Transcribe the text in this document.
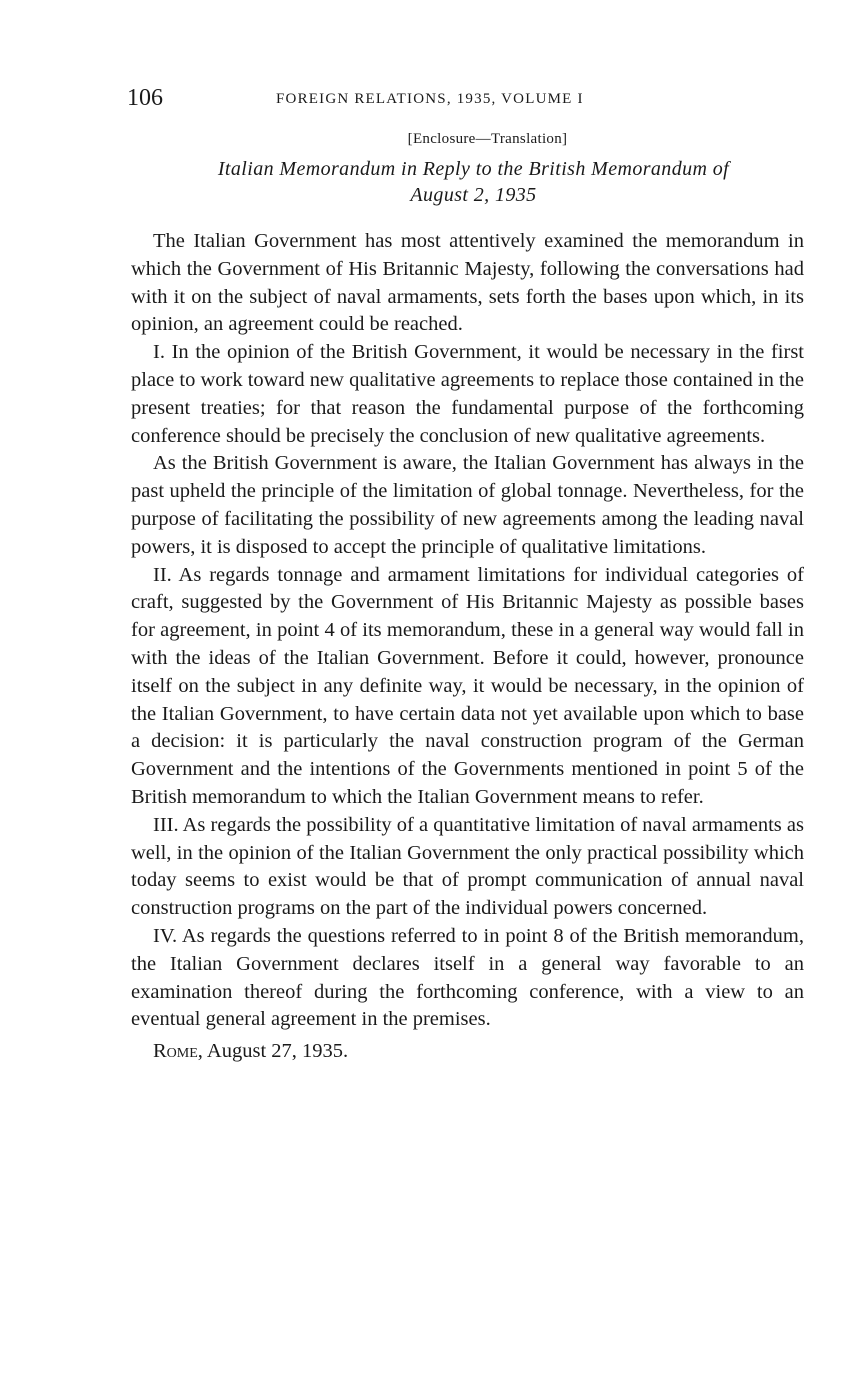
106	FOREIGN RELATIONS, 1935, VOLUME I
[Enclosure—Translation]
Italian Memorandum in Reply to the British Memorandum of
August 2, 1935

The Italian Government has most attentively examined the memorandum in which the Government of His Britannic Majesty, following the conversations had with it on the subject of naval armaments, sets forth the bases upon which, in its opinion, an agreement could be reached.

I. In the opinion of the British Government, it would be necessary in the first place to work toward new qualitative agreements to replace those contained in the present treaties; for that reason the fundamental purpose of the forthcoming conference should be precisely the conclusion of new qualitative agreements.

As the British Government is aware, the Italian Government has always in the past upheld the principle of the limitation of global tonnage. Nevertheless, for the purpose of facilitating the possibility of new agreements among the leading naval powers, it is disposed to accept the principle of qualitative limitations.

II. As regards tonnage and armament limitations for individual categories of craft, suggested by the Government of His Britannic Majesty as possible bases for agreement, in point 4 of its memorandum, these in a general way would fall in with the ideas of the Italian Government. Before it could, however, pronounce itself on the subject in any definite way, it would be necessary, in the opinion of the Italian Government, to have certain data not yet available upon which to base a decision: it is particularly the naval construction program of the German Government and the intentions of the Governments mentioned in point 5 of the British memorandum to which the Italian Government means to refer.

III. As regards the possibility of a quantitative limitation of naval armaments as well, in the opinion of the Italian Government the only practical possibility which today seems to exist would be that of prompt communication of annual naval construction programs on the part of the individual powers concerned.

IV. As regards the questions referred to in point 8 of the British memorandum, the Italian Government declares itself in a general way favorable to an examination thereof during the forthcoming conference, with a view to an eventual general agreement in the premises.

Rome, August 27, 1935.
